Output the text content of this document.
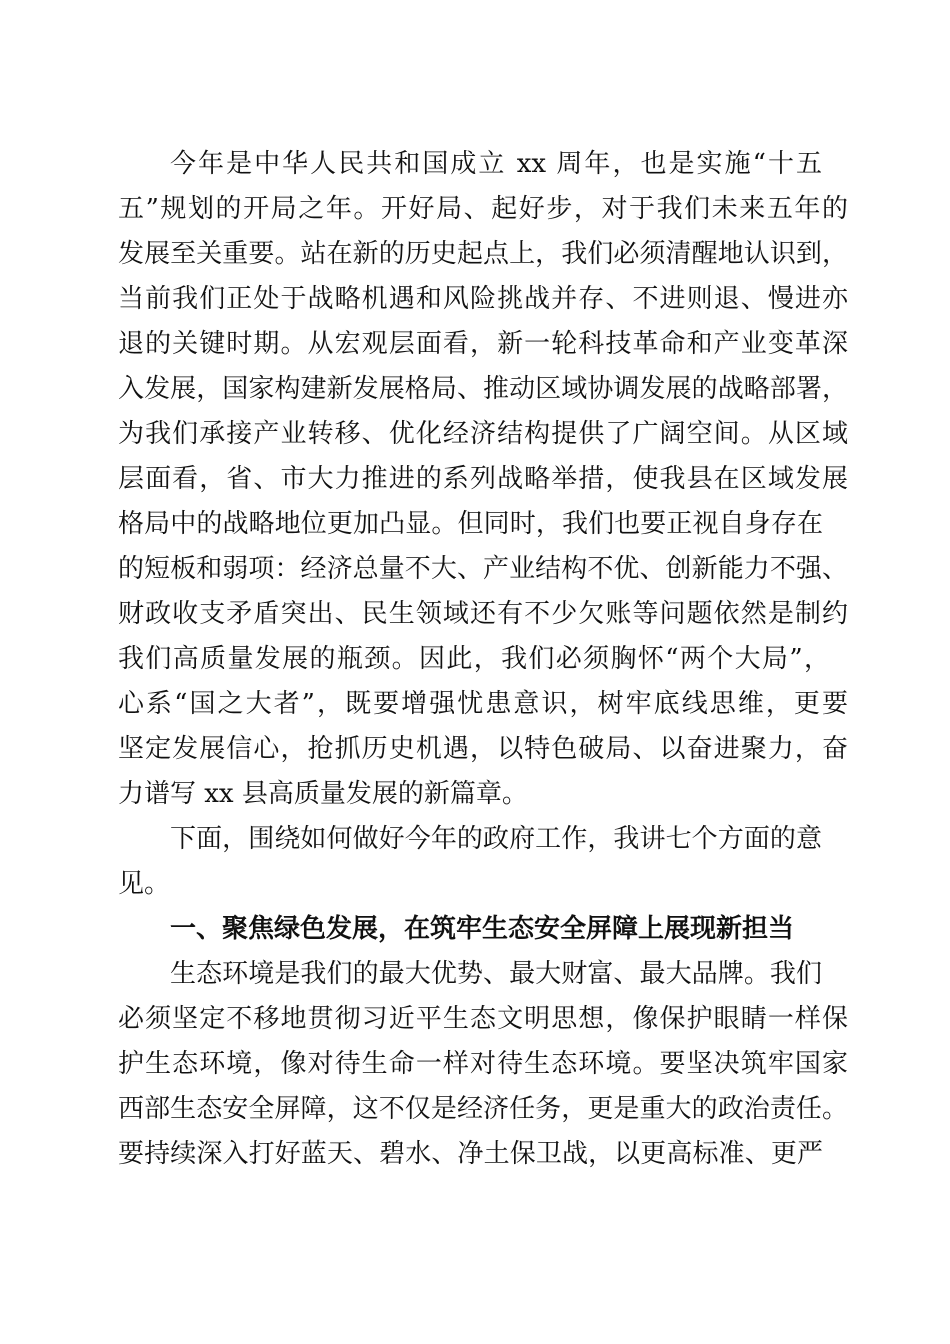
今年是中华人民共和国成立 xx 周年，也是实施“十五
五”规划的开局之年。开好局、起好步，对于我们未来五年的
发展至关重要。站在新的历史起点上，我们必须清醒地认识到，
当前我们正处于战略机遇和风险挑战并存、不进则退、慢进亦
退的关键时期。从宏观层面看，新一轮科技革命和产业变革深
入发展，国家构建新发展格局、推动区域协调发展的战略部署，
为我们承接产业转移、优化经济结构提供了广阔空间。从区域
层面看，省、市大力推进的系列战略举措，使我县在区域发展
格局中的战略地位更加凸显。但同时，我们也要正视自身存在
的短板和弱项：经济总量不大、产业结构不优、创新能力不强、
财政收支矛盾突出、民生领域还有不少欠账等问题依然是制约
我们高质量发展的瓶颈。因此，我们必须胸怀“两个大局”，
心系“国之大者”，既要增强忧患意识，树牢底线思维，更要
坚定发展信心，抢抓历史机遇，以特色破局、以奋进聚力，奋
力谱写 xx 县高质量发展的新篇章。
下面，围绕如何做好今年的政府工作，我讲七个方面的意
见。
一、聚焦绿色发展，在筑牢生态安全屏障上展现新担当
生态环境是我们的最大优势、最大财富、最大品牌。我们
必须坚定不移地贯彻习近平生态文明思想，像保护眼睛一样保
护生态环境，像对待生命一样对待生态环境。要坚决筑牢国家
西部生态安全屏障，这不仅是经济任务，更是重大的政治责任。
要持续深入打好蓝天、碧水、净土保卫战，以更高标准、更严
